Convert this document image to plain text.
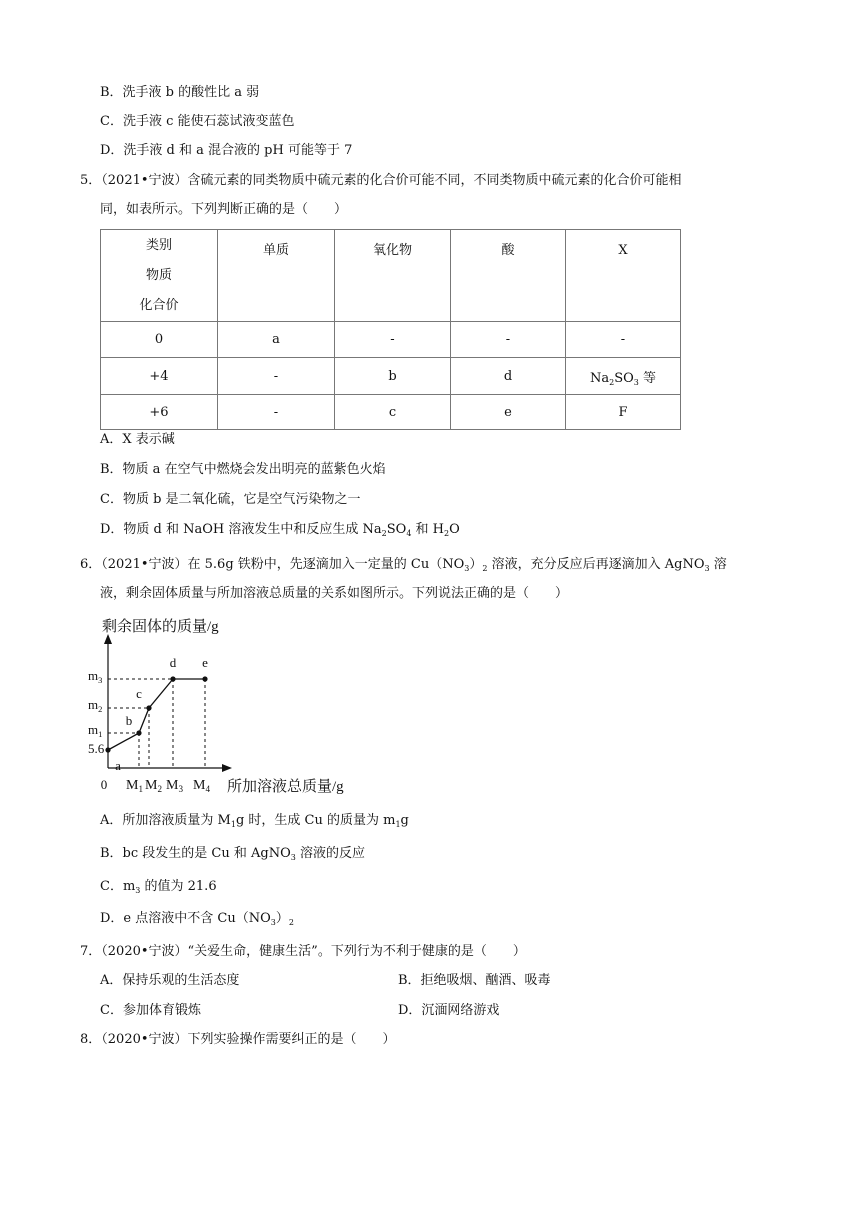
B．洗手液 b 的酸性比 a 弱
C．洗手液 c 能使石蕊试液变蓝色
D．洗手液 d 和 a 混合液的 pH 可能等于 7
5．（2021•宁波）含硫元素的同类物质中硫元素的化合价可能不同，不同类物质中硫元素的化合价可能相
同，如表所示。下列判断正确的是（　　）
类别
物质
化合价	单质	氧化物	酸	X
0	a	-	-	-
+4	-	b	d	$Na_2SO_3$ 等
+6	-	c	e	F
A．X 表示碱
B．物质 a 在空气中燃烧会发出明亮的蓝紫色火焰
C．物质 b 是二氧化硫，它是空气污染物之一
D．物质 d 和 NaOH 溶液发生中和反应生成 $Na_2SO_4$ 和 $H_2O$
6．（2021•宁波）在 5.6g 铁粉中，先逐滴加入一定量的 $Cu(NO_3)_2$ 溶液，充分反应后再逐滴加入 AgNO$_3$ 溶
液，剩余固体质量与所加溶液总质量的关系如图所示。下列说法正确的是（　　）
剩余固体的质量/g
所加溶液总质量/g
0
5.6
$m_1$
$m_2$
$m_3$
$M_1$ $M_2$ $M_3$ $M_4$
a
b
c
d e
A．所加溶液质量为 $M_1g$ 时，生成 Cu 的质量为 $m_1g$
B．bc 段发生的是 Cu 和 AgNO$_3$ 溶液的反应
C．$m_3$ 的值为 21.6
D．e 点溶液中不含 $Cu(NO_3)_2$
7．（2020•宁波）“关爱生命，健康生活”。下列行为不利于健康的是（　　）
A．保持乐观的生活态度	B．拒绝吸烟、酗酒、吸毒
C．参加体育锻炼	D．沉湎网络游戏
8．（2020•宁波）下列实验操作需要纠正的是（　　）
